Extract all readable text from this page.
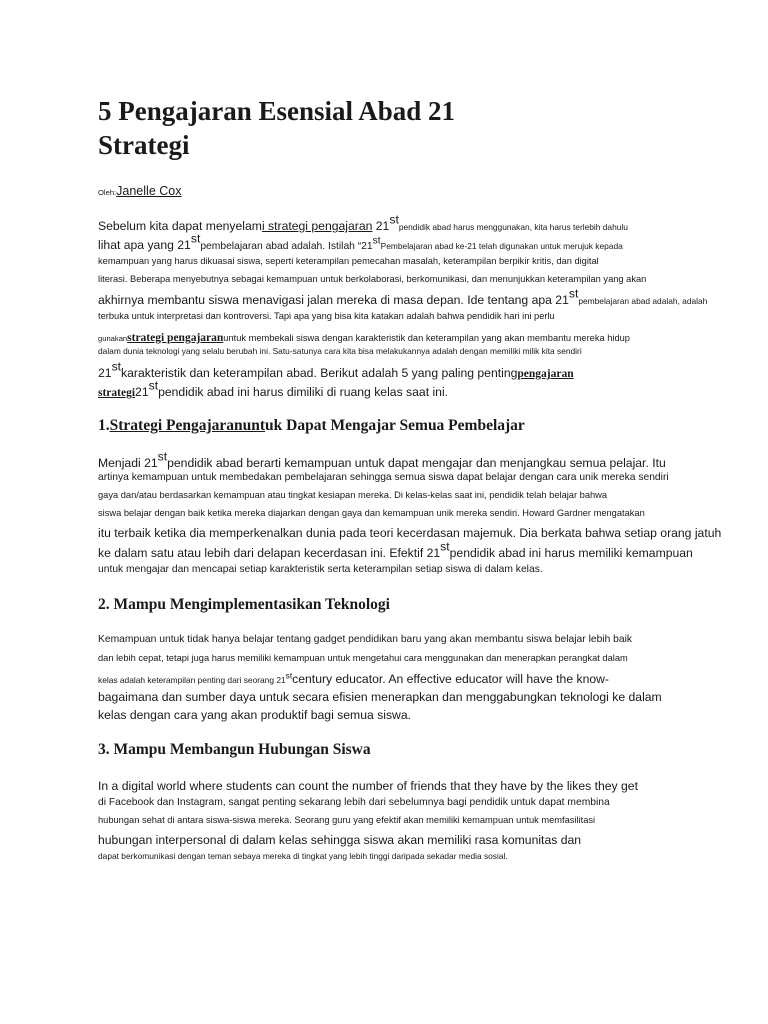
5 Pengajaran Esensial Abad 21
Strategi
Oleh:Janelle Cox
Sebelum kita dapat menyelami strategi pengajaran 21stpendidik abad harus menggunakan, kita harus terlebih dahulu
lihat apa yang 21stpembelajaran abad adalah. Istilah “21stPembelajaran abad ke-21 telah digunakan untuk merujuk kepada
kemampuan yang harus dikuasai siswa, seperti keterampilan pemecahan masalah, keterampilan berpikir kritis, dan digital
literasi. Beberapa menyebutnya sebagai kemampuan untuk berkolaborasi, berkomunikasi, dan menunjukkan keterampilan yang akan
akhirnya membantu siswa menavigasi jalan mereka di masa depan. Ide tentang apa 21stpembelajaran abad adalah, adalah
terbuka untuk interpretasi dan kontroversi. Tapi apa yang bisa kita katakan adalah bahwa pendidik hari ini perlu
gunakanstrategi pengajaranuntuk membekali siswa dengan karakteristik dan keterampilan yang akan membantu mereka hidup
dalam dunia teknologi yang selalu berubah ini. Satu-satunya cara kita bisa melakukannya adalah dengan memiliki milik kita sendiri
21stkarakteristik dan keterampilan abad. Berikut adalah 5 yang paling pentingpengajaran
strategi21stpendidik abad ini harus dimiliki di ruang kelas saat ini.
1.Strategi Pengajaranuntuk Dapat Mengajar Semua Pembelajar
Menjadi 21stpendidik abad berarti kemampuan untuk dapat mengajar dan menjangkau semua pelajar. Itu
artinya kemampuan untuk membedakan pembelajaran sehingga semua siswa dapat belajar dengan cara unik mereka sendiri
gaya dan/atau berdasarkan kemampuan atau tingkat kesiapan mereka. Di kelas-kelas saat ini, pendidik telah belajar bahwa
siswa belajar dengan baik ketika mereka diajarkan dengan gaya dan kemampuan unik mereka sendiri. Howard Gardner mengatakan
itu terbaik ketika dia memperkenalkan dunia pada teori kecerdasan majemuk. Dia berkata bahwa setiap orang jatuh
ke dalam satu atau lebih dari delapan kecerdasan ini. Efektif 21stpendidik abad ini harus memiliki kemampuan
untuk mengajar dan mencapai setiap karakteristik serta keterampilan setiap siswa di dalam kelas.
2. Mampu Mengimplementasikan Teknologi
Kemampuan untuk tidak hanya belajar tentang gadget pendidikan baru yang akan membantu siswa belajar lebih baik
dan lebih cepat, tetapi juga harus memiliki kemampuan untuk mengetahui cara menggunakan dan menerapkan perangkat dalam
kelas adalah keterampilan penting dari seorang 21stcentury educator. An effective educator will have the know-
bagaimana dan sumber daya untuk secara efisien menerapkan dan menggabungkan teknologi ke dalam
kelas dengan cara yang akan produktif bagi semua siswa.
3. Mampu Membangun Hubungan Siswa
In a digital world where students can count the number of friends that they have by the likes they get
di Facebook dan Instagram, sangat penting sekarang lebih dari sebelumnya bagi pendidik untuk dapat membina
hubungan sehat di antara siswa-siswa mereka. Seorang guru yang efektif akan memiliki kemampuan untuk memfasilitasi
hubungan interpersonal di dalam kelas sehingga siswa akan memiliki rasa komunitas dan
dapat berkomunikasi dengan teman sebaya mereka di tingkat yang lebih tinggi daripada sekadar media sosial.
